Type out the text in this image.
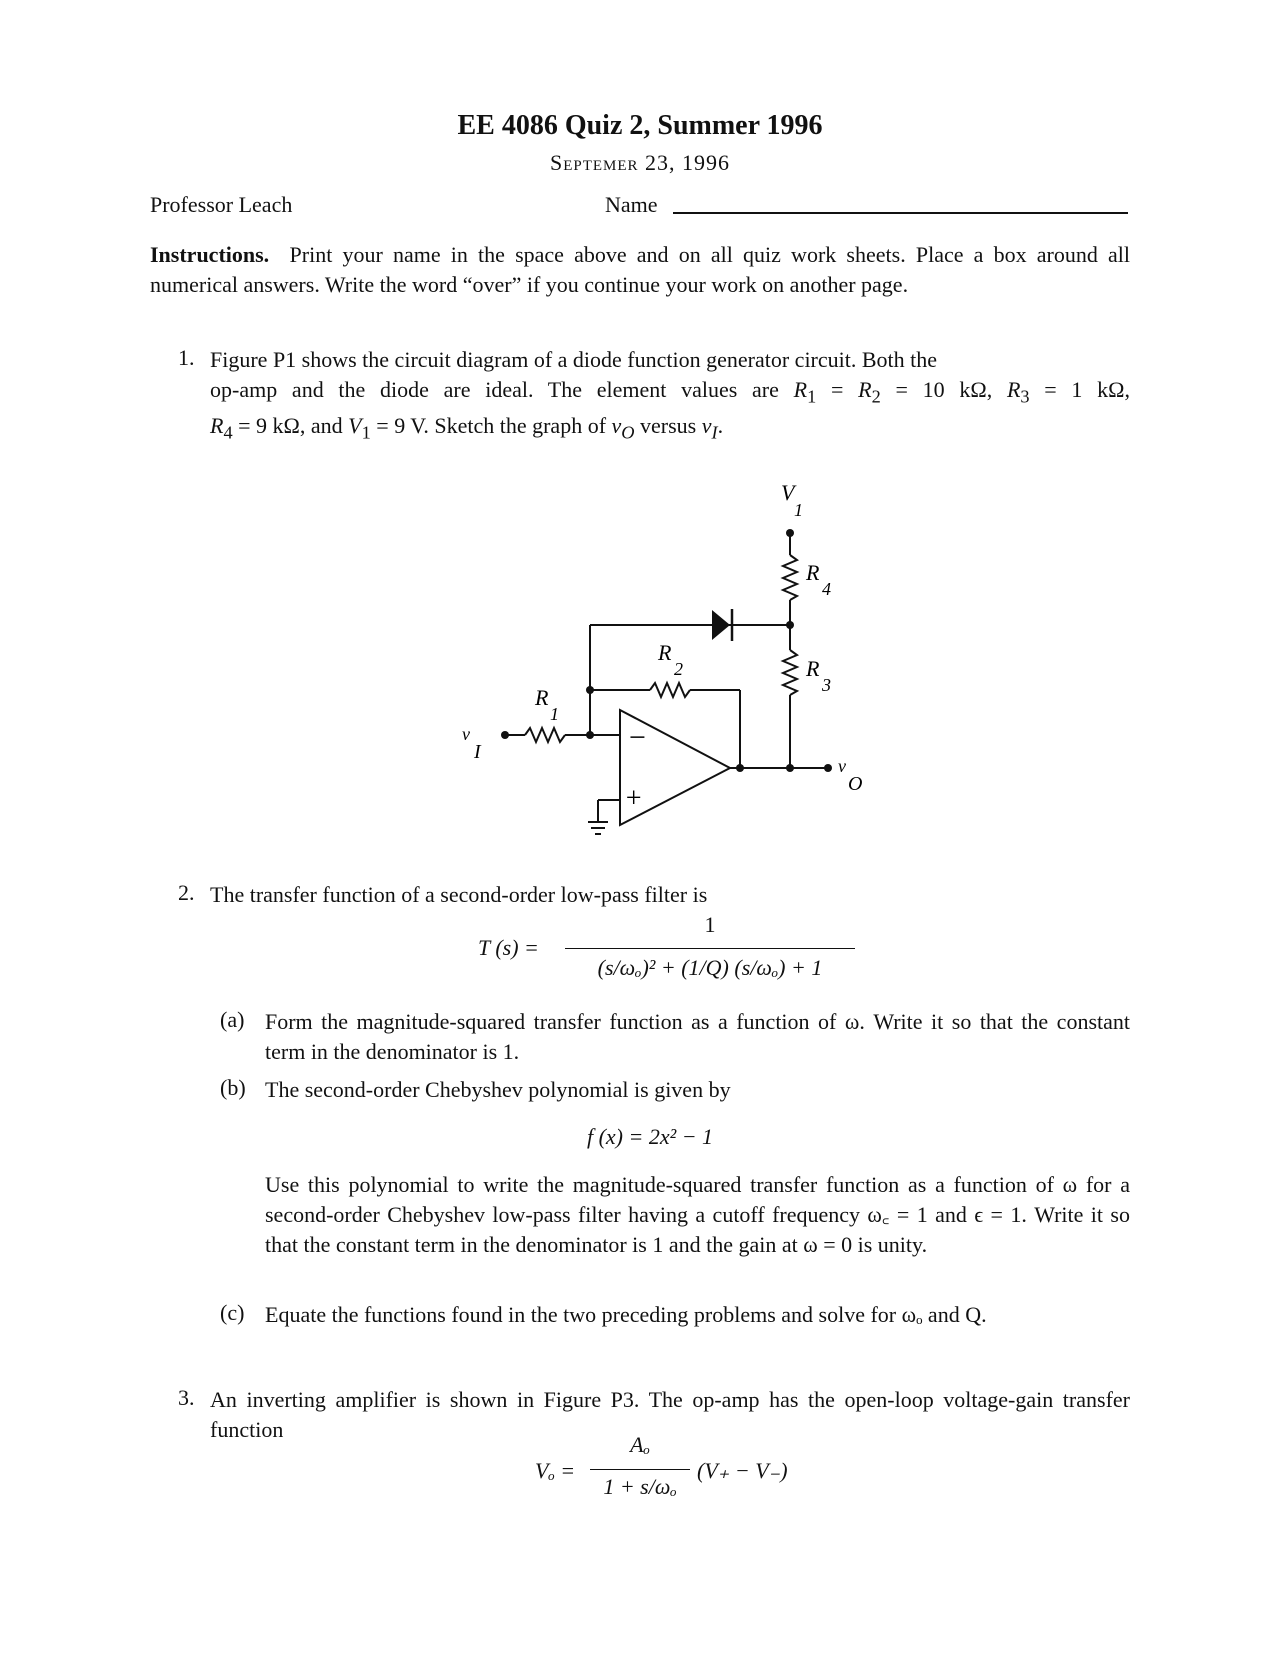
EE 4086 Quiz 2, Summer 1996
Septemer 23, 1996
Professor Leach	Name
Instructions. Print your name in the space above and on all quiz work sheets. Place a box around all numerical answers. Write the word “over” if you continue your work on another page.
1. Figure P1 shows the circuit diagram of a diode function generator circuit. Both the
op-amp and the diode are ideal. The element values are $R_1 = R_2 = 10$ kΩ, $R_3 = 1$ kΩ,
$R_4 = 9$ kΩ, and $V_1 = 9$ V. Sketch the graph of $v_O$ versus $v_I$.
V
1
R
4
R
3
R
2
R
1
v
I
v
O
−
+
2. The transfer function of a second-order low-pass filter is
T (s) =
1
(s/ωₒ)² + (1/Q) (s/ωₒ) + 1
(a) Form the magnitude-squared transfer function as a function of ω. Write it so that the constant term in the denominator is 1.
(b) The second-order Chebyshev polynomial is given by
f (x) = 2x² − 1
Use this polynomial to write the magnitude-squared transfer function as a function of ω for a second-order Chebyshev low-pass filter having a cutoff frequency ω꜀ = 1 and ϵ = 1. Write it so that the constant term in the denominator is 1 and the gain at ω = 0 is unity.
(c) Equate the functions found in the two preceding problems and solve for ωₒ and Q.
3. An inverting amplifier is shown in Figure P3. The op-amp has the open-loop voltage-gain transfer function
Vₒ =
Aₒ
1 + s/ωₒ
(V₊ − V₋)
